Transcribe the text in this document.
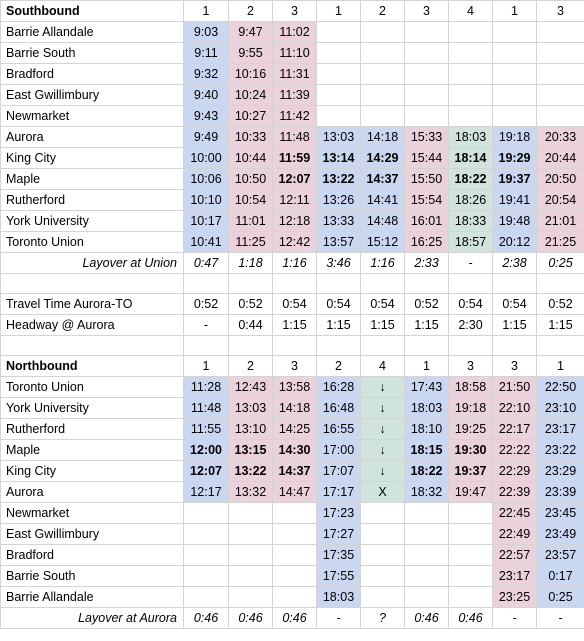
Southbound	1	2	3	1	2	3	4	1	3
Barrie Allandale	9:03	9:47	11:02						
Barrie South	9:11	9:55	11:10						
Bradford	9:32	10:16	11:31						
East Gwillimbury	9:40	10:24	11:39						
Newmarket	9:43	10:27	11:42						
Aurora	9:49	10:33	11:48	13:03	14:18	15:33	18:03	19:18	20:33
King City	10:00	10:44	11:59	13:14	14:29	15:44	18:14	19:29	20:44
Maple	10:06	10:50	12:07	13:22	14:37	15:50	18:22	19:37	20:50
Rutherford	10:10	10:54	12:11	13:26	14:41	15:54	18:26	19:41	20:54
York University	10:17	11:01	12:18	13:33	14:48	16:01	18:33	19:48	21:01
Toronto Union	10:41	11:25	12:42	13:57	15:12	16:25	18:57	20:12	21:25
Layover at Union	0:47	1:18	1:16	3:46	1:16	2:33	-	2:38	0:25

Travel Time Aurora-TO	0:52	0:52	0:54	0:54	0:54	0:52	0:54	0:54	0:52
Headway @ Aurora	-	0:44	1:15	1:15	1:15	1:15	2:30	1:15	1:15

Northbound	1	2	3	2	4	1	3	3	1
Toronto Union	11:28	12:43	13:58	16:28	↓	17:43	18:58	21:50	22:50
York University	11:48	13:03	14:18	16:48	↓	18:03	19:18	22:10	23:10
Rutherford	11:55	13:10	14:25	16:55	↓	18:10	19:25	22:17	23:17
Maple	12:00	13:15	14:30	17:00	↓	18:15	19:30	22:22	23:22
King City	12:07	13:22	14:37	17:07	↓	18:22	19:37	22:29	23:29
Aurora	12:17	13:32	14:47	17:17	X	18:32	19:47	22:39	23:39
Newmarket				17:23				22:45	23:45
East Gwillimbury				17:27				22:49	23:49
Bradford				17:35				22:57	23:57
Barrie South				17:55				23:17	0:17
Barrie Allandale				18:03				23:25	0:25
Layover at Aurora	0:46	0:46	0:46	-	?	0:46	0:46	-	-
